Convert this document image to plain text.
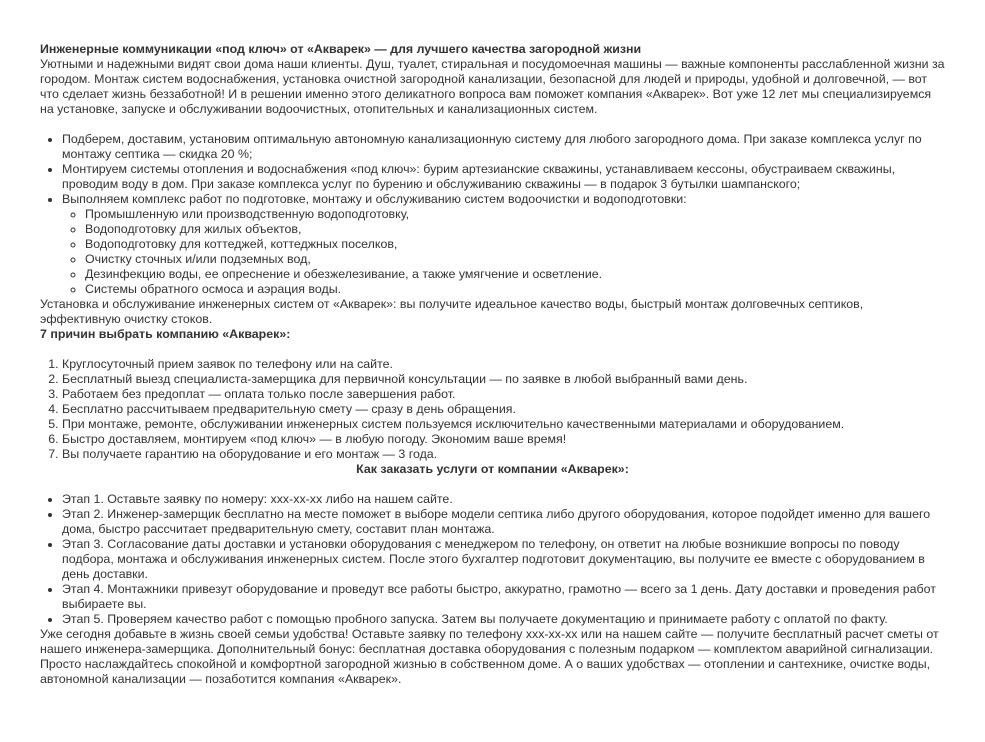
Инженерные коммуникации «под ключ» от «Акварек» — для лучшего качества загородной жизни

Уютными и надежными видят свои дома наши клиенты. Душ, туалет, стиральная и посудомоечная машины — важные компоненты расслабленной жизни за городом. Монтаж систем водоснабжения, установка очистной загородной канализации, безопасной для людей и природы, удобной и долговечной, — вот что сделает жизнь беззаботной! И в решении именно этого деликатного вопроса вам поможет компания «Акварек». Вот уже 12 лет мы специализируемся на установке, запуске и обслуживании водоочистных, отопительных и канализационных систем.

• Подберем, доставим, установим оптимальную автономную канализационную систему для любого загородного дома. При заказе комплекса услуг по монтажу септика — скидка 20 %;
• Монтируем системы отопления и водоснабжения «под ключ»: бурим артезианские скважины, устанавливаем кессоны, обустраиваем скважины, проводим воду в дом. При заказе комплекса услуг по бурению и обслуживанию скважины — в подарок 3 бутылки шампанского;
• Выполняем комплекс работ по подготовке, монтажу и обслуживанию систем водоочистки и водоподготовки:
◦ Промышленную или производственную водоподготовку,
◦ Водоподготовку для жилых объектов,
◦ Водоподготовку для коттеджей, коттеджных поселков,
◦ Очистку сточных и/или подземных вод,
◦ Дезинфекцию воды, ее опреснение и обезжелезивание, а также умягчение и осветление.
◦ Системы обратного осмоса и аэрация воды.

Установка и обслуживание инженерных систем от «Акварек»: вы получите идеальное качество воды, быстрый монтаж долговечных септиков, эффективную очистку стоков.

7 причин выбрать компанию «Акварек»:

1. Круглосуточный прием заявок по телефону или на сайте.
2. Бесплатный выезд специалиста-замерщика для первичной консультации — по заявке в любой выбранный вами день.
3. Работаем без предоплат — оплата только после завершения работ.
4. Бесплатно рассчитываем предварительную смету — сразу в день обращения.
5. При монтаже, ремонте, обслуживании инженерных систем пользуемся исключительно качественными материалами и оборудованием.
6. Быстро доставляем, монтируем «под ключ» — в любую погоду. Экономим ваше время!
7. Вы получаете гарантию на оборудование и его монтаж — 3 года.

Как заказать услуги от компании «Акварек»:

• Этап 1. Оставьте заявку по номеру: ххх-хх-хх либо на нашем сайте.
• Этап 2. Инженер-замерщик бесплатно на месте поможет в выборе модели септика либо другого оборудования, которое подойдет именно для вашего дома, быстро рассчитает предварительную смету, составит план монтажа.
• Этап 3. Согласование даты доставки и установки оборудования с менеджером по телефону, он ответит на любые возникшие вопросы по поводу подбора, монтажа и обслуживания инженерных систем. После этого бухгалтер подготовит документацию, вы получите ее вместе с оборудованием в день доставки.
• Этап 4. Монтажники привезут оборудование и проведут все работы быстро, аккуратно, грамотно — всего за 1 день. Дату доставки и проведения работ выбираете вы.
• Этап 5. Проверяем качество работ с помощью пробного запуска. Затем вы получаете документацию и принимаете работу с оплатой по факту.

Уже сегодня добавьте в жизнь своей семьи удобства! Оставьте заявку по телефону ххх-хх-хх или на нашем сайте — получите бесплатный расчет сметы от нашего инженера-замерщика. Дополнительный бонус: бесплатная доставка оборудования с полезным подарком — комплектом аварийной сигнализации. Просто наслаждайтесь спокойной и комфортной загородной жизнью в собственном доме. А о ваших удобствах — отоплении и сантехнике, очистке воды, автономной канализации — позаботится компания «Акварек».
